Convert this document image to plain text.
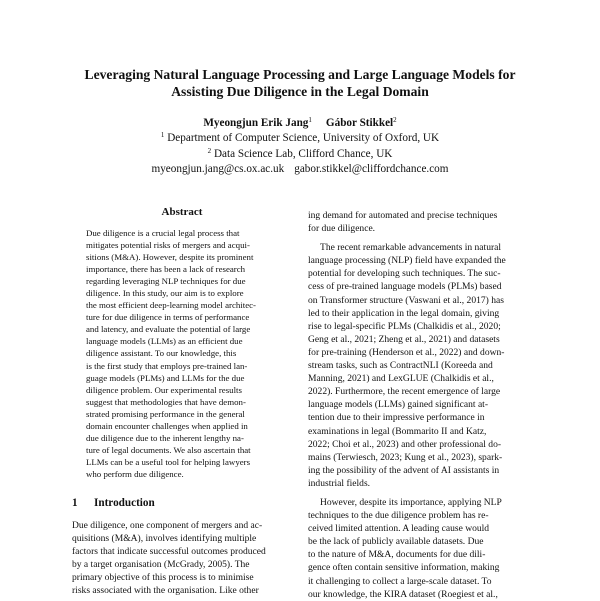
Leveraging Natural Language Processing and Large Language Models for
Assisting Due Diligence in the Legal Domain
Myeongjun Erik Jang$^1$ Gábor Stikkel$^2$
$^1$ Department of Computer Science, University of Oxford, UK
$^2$ Data Science Lab, Clifford Chance, UK
myeongjun.jang@cs.ox.ac.uk gabor.stikkel@cliffordchance.com
Abstract
Due diligence is a crucial legal process that
mitigates potential risks of mergers and acqui-
sitions (M&A). However, despite its prominent
importance, there has been a lack of research
regarding leveraging NLP techniques for due
diligence. In this study, our aim is to explore
the most efficient deep-learning model architec-
ture for due diligence in terms of performance
and latency, and evaluate the potential of large
language models (LLMs) as an efficient due
diligence assistant. To our knowledge, this
is the first study that employs pre-trained lan-
guage models (PLMs) and LLMs for the due
diligence problem. Our experimental results
suggest that methodologies that have demon-
strated promising performance in the general
domain encounter challenges when applied in
due diligence due to the inherent lengthy na-
ture of legal documents. We also ascertain that
LLMs can be a useful tool for helping lawyers
who perform due diligence.
1 Introduction
Due diligence, one component of mergers and ac-
quisitions (M&A), involves identifying multiple
factors that indicate successful outcomes produced
by a target organisation (McGrady, 2005). The
primary objective of this process is to minimise
risks associated with the organisation. Like other
ing demand for automated and precise techniques
for due diligence.
The recent remarkable advancements in natural
language processing (NLP) field have expanded the
potential for developing such techniques. The suc-
cess of pre-trained language models (PLMs) based
on Transformer structure (Vaswani et al., 2017) has
led to their application in the legal domain, giving
rise to legal-specific PLMs (Chalkidis et al., 2020;
Geng et al., 2021; Zheng et al., 2021) and datasets
for pre-training (Henderson et al., 2022) and down-
stream tasks, such as ContractNLI (Koreeda and
Manning, 2021) and LexGLUE (Chalkidis et al.,
2022). Furthermore, the recent emergence of large
language models (LLMs) gained significant at-
tention due to their impressive performance in
examinations in legal (Bommarito II and Katz,
2022; Choi et al., 2023) and other professional do-
mains (Terwiesch, 2023; Kung et al., 2023), spark-
ing the possibility of the advent of AI assistants in
industrial fields.
However, despite its importance, applying NLP
techniques to the due diligence problem has re-
ceived limited attention. A leading cause would
be the lack of publicly available datasets. Due
to the nature of M&A, documents for due dili-
gence often contain sensitive information, making
it challenging to collect a large-scale dataset. To
our knowledge, the KIRA dataset (Roegiest et al.,
